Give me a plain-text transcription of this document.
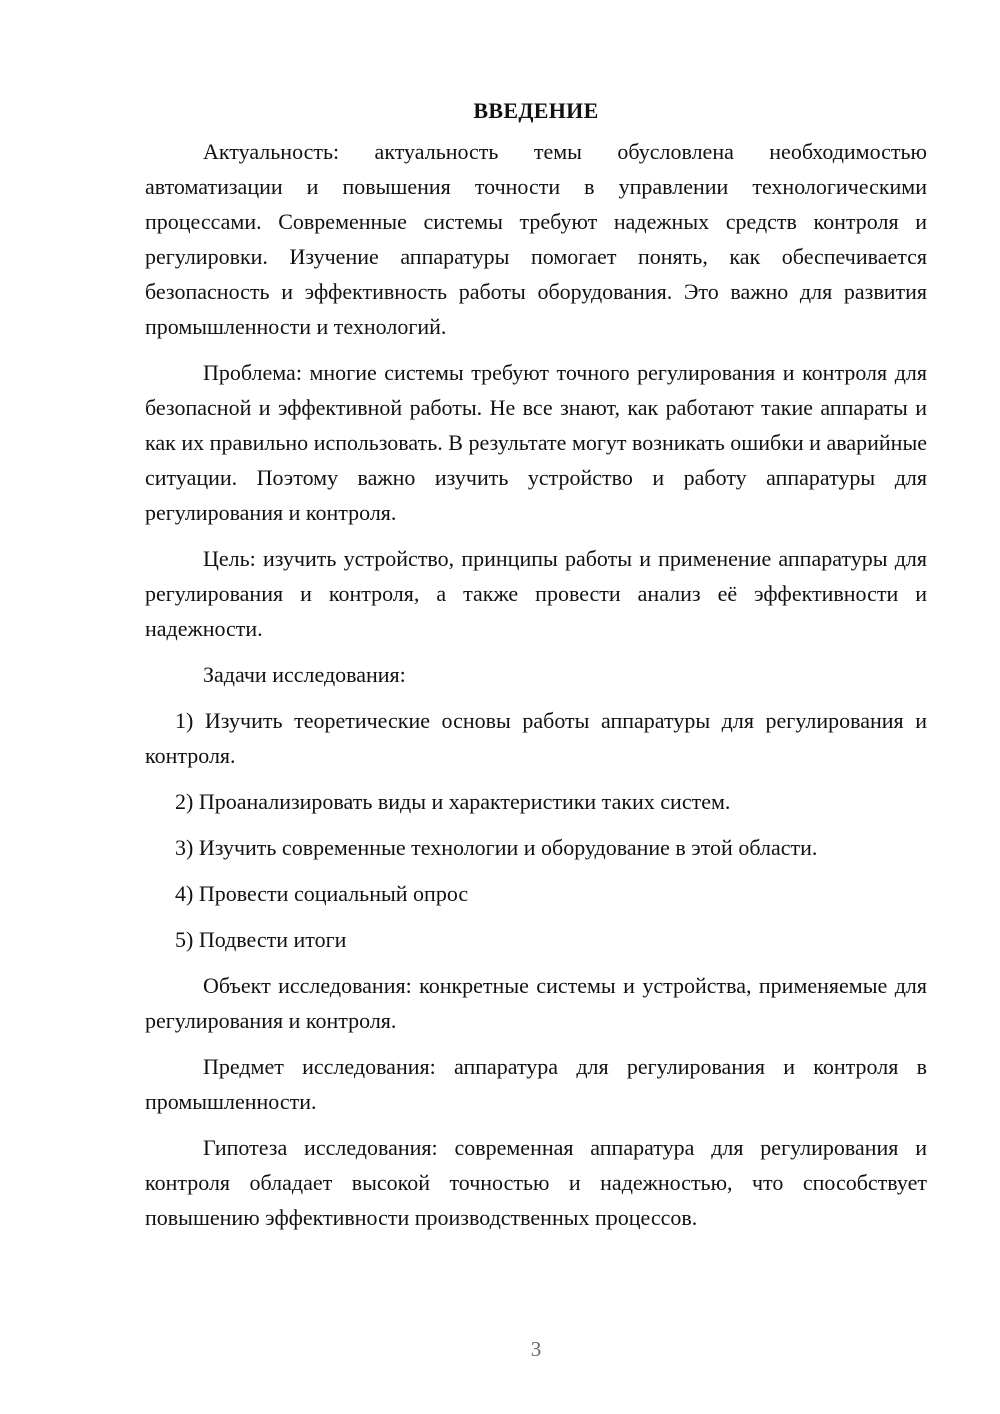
ВВЕДЕНИЕ

Актуальность: актуальность темы обусловлена необходимостью автоматизации и повышения точности в управлении технологическими процессами. Современные системы требуют надежных средств контроля и регулировки. Изучение аппаратуры помогает понять, как обеспечивается безопасность и эффективность работы оборудования. Это важно для развития промышленности и технологий.

Проблема: многие системы требуют точного регулирования и контроля для безопасной и эффективной работы. Не все знают, как работают такие аппараты и как их правильно использовать. В результате могут возникать ошибки и аварийные ситуации. Поэтому важно изучить устройство и работу аппаратуры для регулирования и контроля.

Цель: изучить устройство, принципы работы и применение аппаратуры для регулирования и контроля, а также провести анализ её эффективности и надежности.

Задачи исследования:

1) Изучить теоретические основы работы аппаратуры для регулирования и контроля.

2) Проанализировать виды и характеристики таких систем.

3) Изучить современные технологии и оборудование в этой области.

4) Провести социальный опрос

5) Подвести итоги

Объект исследования: конкретные системы и устройства, применяемые для регулирования и контроля.

Предмет исследования: аппаратура для регулирования и контроля в промышленности.

Гипотеза исследования: современная аппаратура для регулирования и контроля обладает высокой точностью и надежностью, что способствует повышению эффективности производственных процессов.

3
